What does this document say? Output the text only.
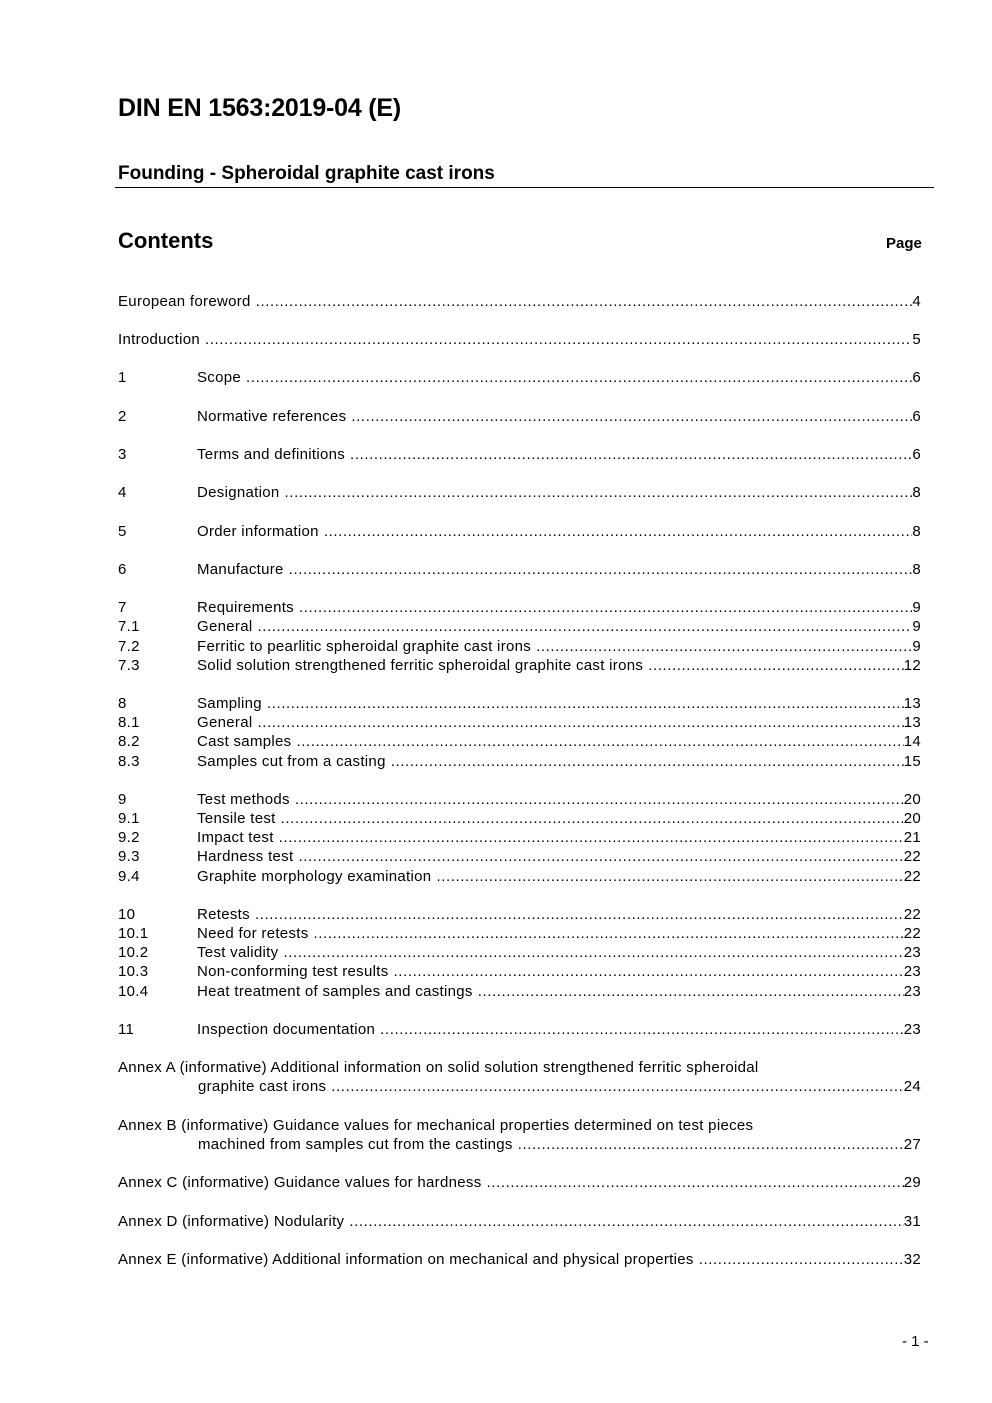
DIN EN 1563:2019-04 (E)
Founding - Spheroidal graphite cast irons
Contents	Page
European foreword .....	4
Introduction .....	5
1	Scope .....	6
2	Normative references .....	6
3	Terms and definitions .....	6
4	Designation .....	8
5	Order information .....	8
6	Manufacture .....	8
7	Requirements .....	9
7.1	General .....	9
7.2	Ferritic to pearlitic spheroidal graphite cast irons .....	9
7.3	Solid solution strengthened ferritic spheroidal graphite cast irons .....	12
8	Sampling .....	13
8.1	General .....	13
8.2	Cast samples .....	14
8.3	Samples cut from a casting .....	15
9	Test methods .....	20
9.1	Tensile test .....	20
9.2	Impact test .....	21
9.3	Hardness test .....	22
9.4	Graphite morphology examination .....	22
10	Retests .....	22
10.1	Need for retests .....	22
10.2	Test validity .....	23
10.3	Non-conforming test results .....	23
10.4	Heat treatment of samples and castings .....	23
11	Inspection documentation .....	23
Annex A (informative) Additional information on solid solution strengthened ferritic spheroidal
graphite cast irons .....	24
Annex B (informative) Guidance values for mechanical properties determined on test pieces
machined from samples cut from the castings .....	27
Annex C (informative) Guidance values for hardness .....	29
Annex D (informative) Nodularity .....	31
Annex E (informative) Additional information on mechanical and physical properties .....	32
- 1 -
